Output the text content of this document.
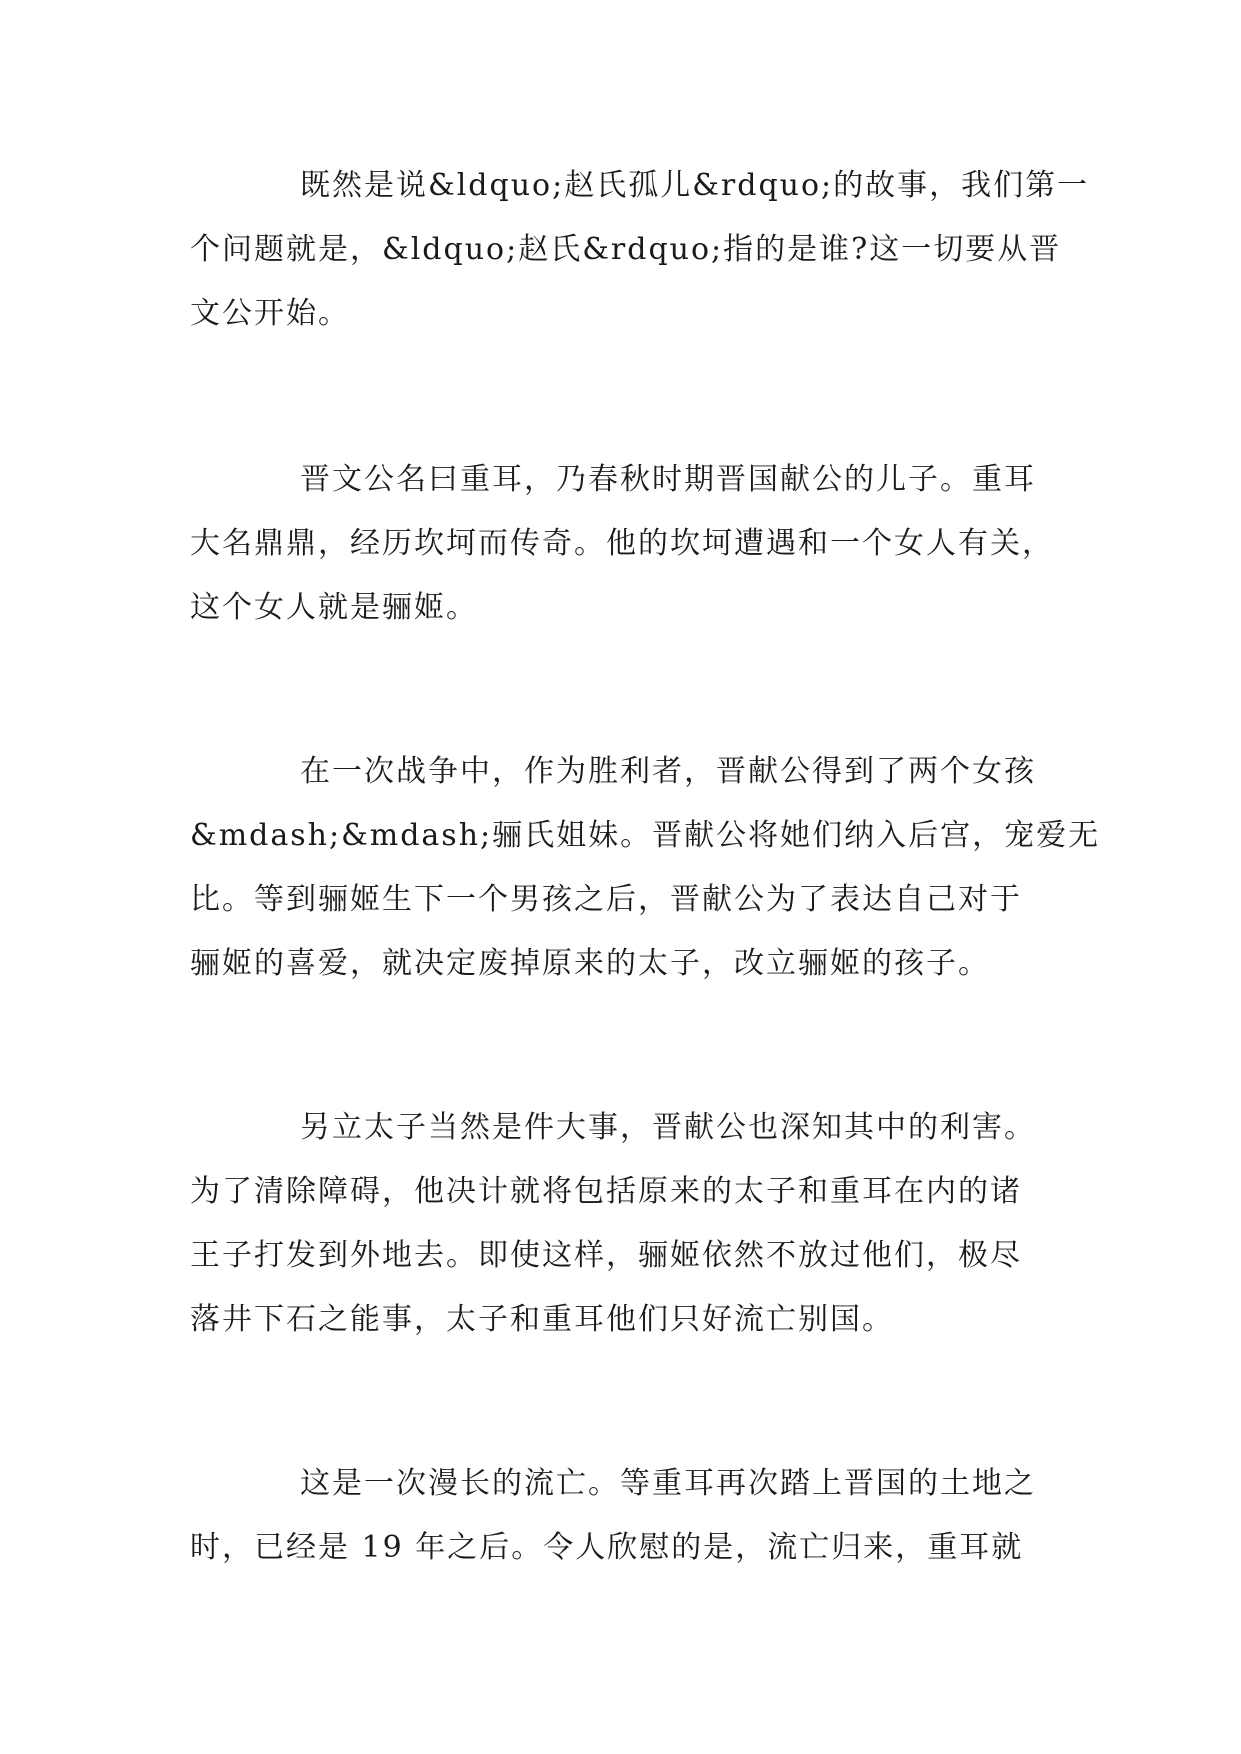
既然是说&ldquo;赵氏孤儿&rdquo;的故事，我们第一
个问题就是，&ldquo;赵氏&rdquo;指的是谁?这一切要从晋
文公开始。
晋文公名曰重耳，乃春秋时期晋国献公的儿子。重耳
大名鼎鼎，经历坎坷而传奇。他的坎坷遭遇和一个女人有关，
这个女人就是骊姬。
在一次战争中，作为胜利者，晋献公得到了两个女孩
&mdash;&mdash;骊氏姐妹。晋献公将她们纳入后宫，宠爱无
比。等到骊姬生下一个男孩之后，晋献公为了表达自己对于
骊姬的喜爱，就决定废掉原来的太子，改立骊姬的孩子。
另立太子当然是件大事，晋献公也深知其中的利害。
为了清除障碍，他决计就将包括原来的太子和重耳在内的诸
王子打发到外地去。即使这样，骊姬依然不放过他们，极尽
落井下石之能事，太子和重耳他们只好流亡别国。
这是一次漫长的流亡。等重耳再次踏上晋国的土地之
时，已经是 19 年之后。令人欣慰的是，流亡归来，重耳就
